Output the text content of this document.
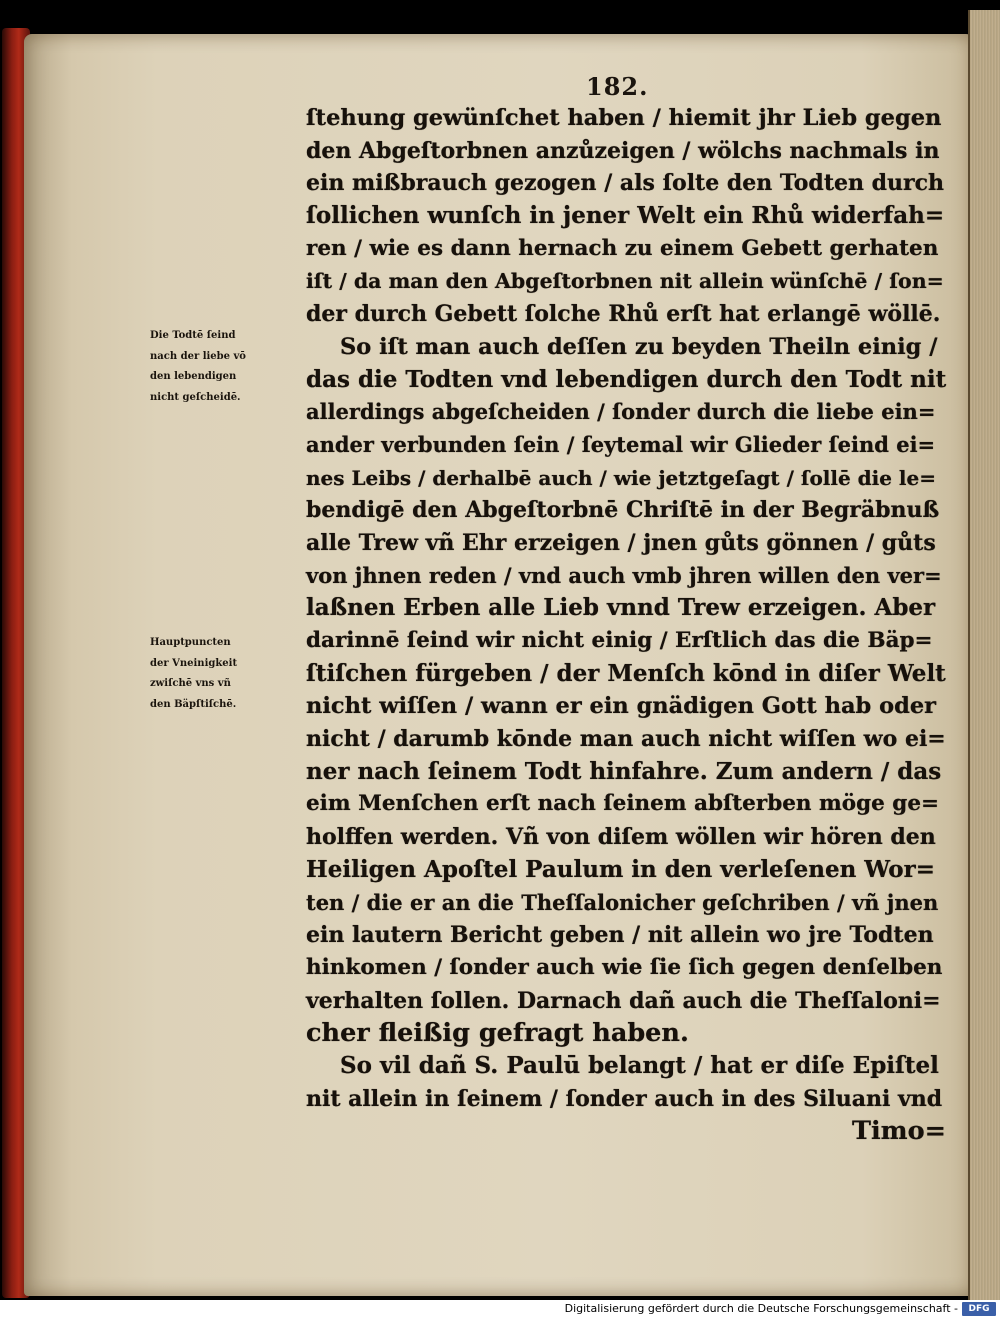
182.
ſtehung gewünſchet haben / hiemit jhr Lieb gegen
den Abgeſtorbnen anzůzeigen / wölchs nachmals in
ein mißbrauch gezogen / als ſolte den Todten durch
ſollichen wunſch in jener Welt ein Rhů widerfah=
ren / wie es dann hernach zu einem Gebett gerhaten
iſt / da man den Abgeſtorbnen nit allein wünſchē / ſon=
der durch Gebett ſolche Rhů erſt hat erlangē wöllē.
So iſt man auch deſſen zu beyden Theiln einig /
das die Todten vnd lebendigen durch den Todt nit
allerdings abgeſcheiden / ſonder durch die liebe ein=
ander verbunden ſein / ſeytemal wir Glieder ſeind ei=
nes Leibs / derhalbē auch / wie jetztgeſagt / ſollē die le=
bendigē den Abgeſtorbnē Chriſtē in der Begräbnuß
alle Trew vñ Ehr erzeigen / jnen gůts gönnen / gůts
von jhnen reden / vnd auch vmb jhren willen den ver=
laßnen Erben alle Lieb vnnd Trew erzeigen. Aber
darinnē ſeind wir nicht einig / Erſtlich das die Bäp=
ſtiſchen fürgeben / der Menſch kōnd in diſer Welt
nicht wiſſen / wann er ein gnädigen Gott hab oder
nicht / darumb kōnde man auch nicht wiſſen wo ei=
ner nach ſeinem Todt hinfahre. Zum andern / das
eim Menſchen erſt nach ſeinem abſterben möge ge=
holffen werden. Vñ von diſem wöllen wir hören den
Heiligen Apoſtel Paulum in den verleſenen Wor=
ten / die er an die Theſſalonicher geſchriben / vñ jnen
ein lautern Bericht geben / nit allein wo jre Todten
hinkomen / ſonder auch wie ſie ſich gegen denſelben
verhalten ſollen. Darnach dañ auch die Theſſaloni=
cher fleißig gefragt haben.
So vil dañ S. Paulū belangt / hat er diſe Epiſtel
nit allein in ſeinem / ſonder auch in des Siluani vnd
Timo=
Die Todtē ſeind
nach der liebe vō
den lebendigen
nicht geſcheidē.
Hauptpuncten
der Vneinigkeit
zwiſchē vns vñ
den Bäpſtiſchē.
Digitalisierung gefördert durch die Deutsche Forschungsgemeinschaft -	DFG
